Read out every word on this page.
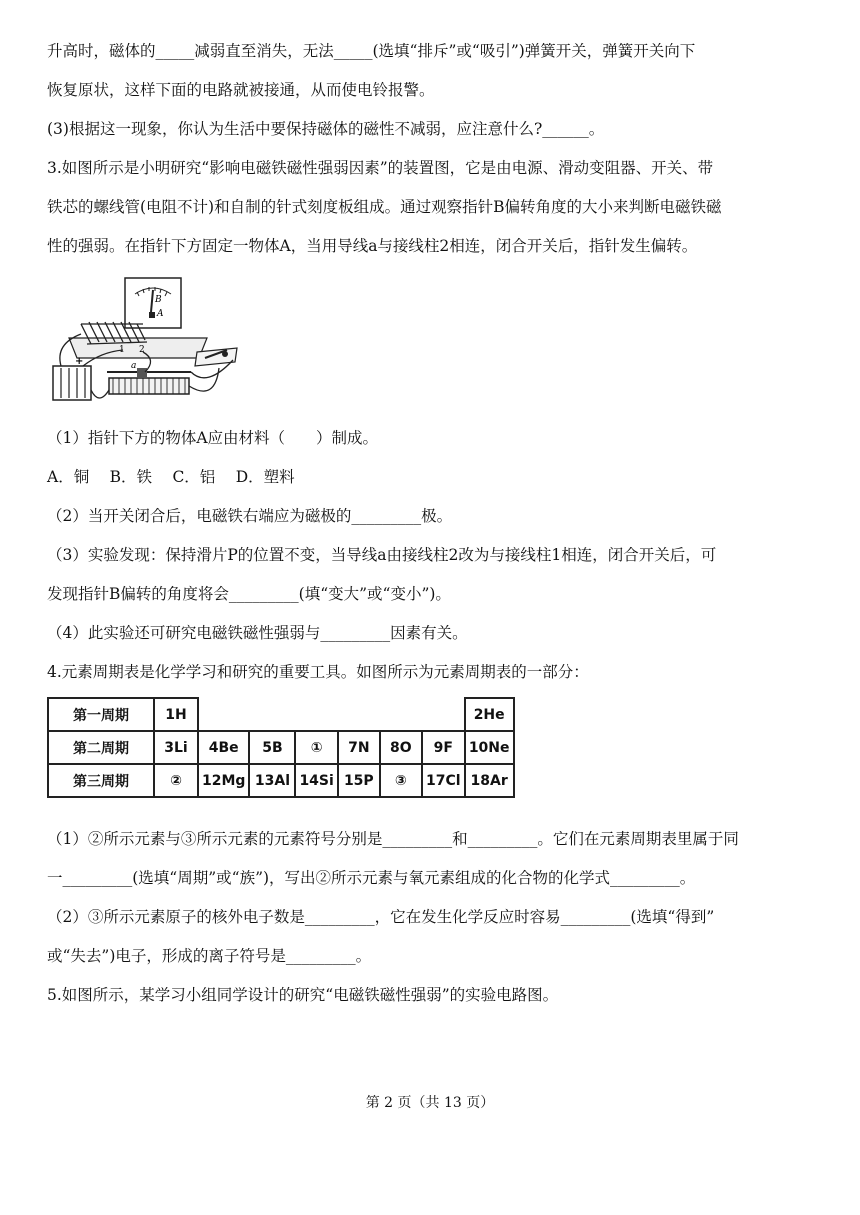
升高时，磁体的_____减弱直至消失，无法_____(选填“排斥”或“吸引”)弹簧开关，弹簧开关向下
恢复原状，这样下面的电路就被接通，从而使电铃报警。
(3)根据这一现象，你认为生活中要保持磁体的磁性不减弱，应注意什么?______。
3.如图所示是小明研究“影响电磁铁磁性强弱因素”的装置图，它是由电源、滑动变阻器、开关、带
铁芯的螺线管(电阻不计)和自制的针式刻度板组成。通过观察指针B偏转角度的大小来判断电磁铁磁
性的强弱。在指针下方固定一物体A，当用导线a与接线柱2相连，闭合开关后，指针发生偏转。
B
A
1 2
+	a
（1）指针下方的物体A应由材料（　　）制成。
A．铜　 B．铁　 C．铝　 D．塑料
（2）当开关闭合后，电磁铁右端应为磁极的_________极。
（3）实验发现：保持滑片P的位置不变，当导线a由接线柱2改为与接线柱1相连，闭合开关后，可
发现指针B偏转的角度将会_________(填“变大”或“变小”)。
（4）此实验还可研究电磁铁磁性强弱与_________因素有关。
4.元素周期表是化学学习和研究的重要工具。如图所示为元素周期表的一部分：
第一周期	1H							2He
第二周期	3Li	4Be	5B	①	7N	8O	9F	10Ne
第三周期	②	12Mg	13Al	14Si	15P	③	17Cl	18Ar
（1）②所示元素与③所示元素的元素符号分别是_________和_________。它们在元素周期表里属于同
一_________(选填“周期”或“族”)，写出②所示元素与氧元素组成的化合物的化学式_________。
（2）③所示元素原子的核外电子数是_________，它在发生化学反应时容易_________(选填“得到”
或“失去”)电子，形成的离子符号是_________。
5.如图所示，某学习小组同学设计的研究“电磁铁磁性强弱”的实验电路图。
第 2 页（共 13 页）
